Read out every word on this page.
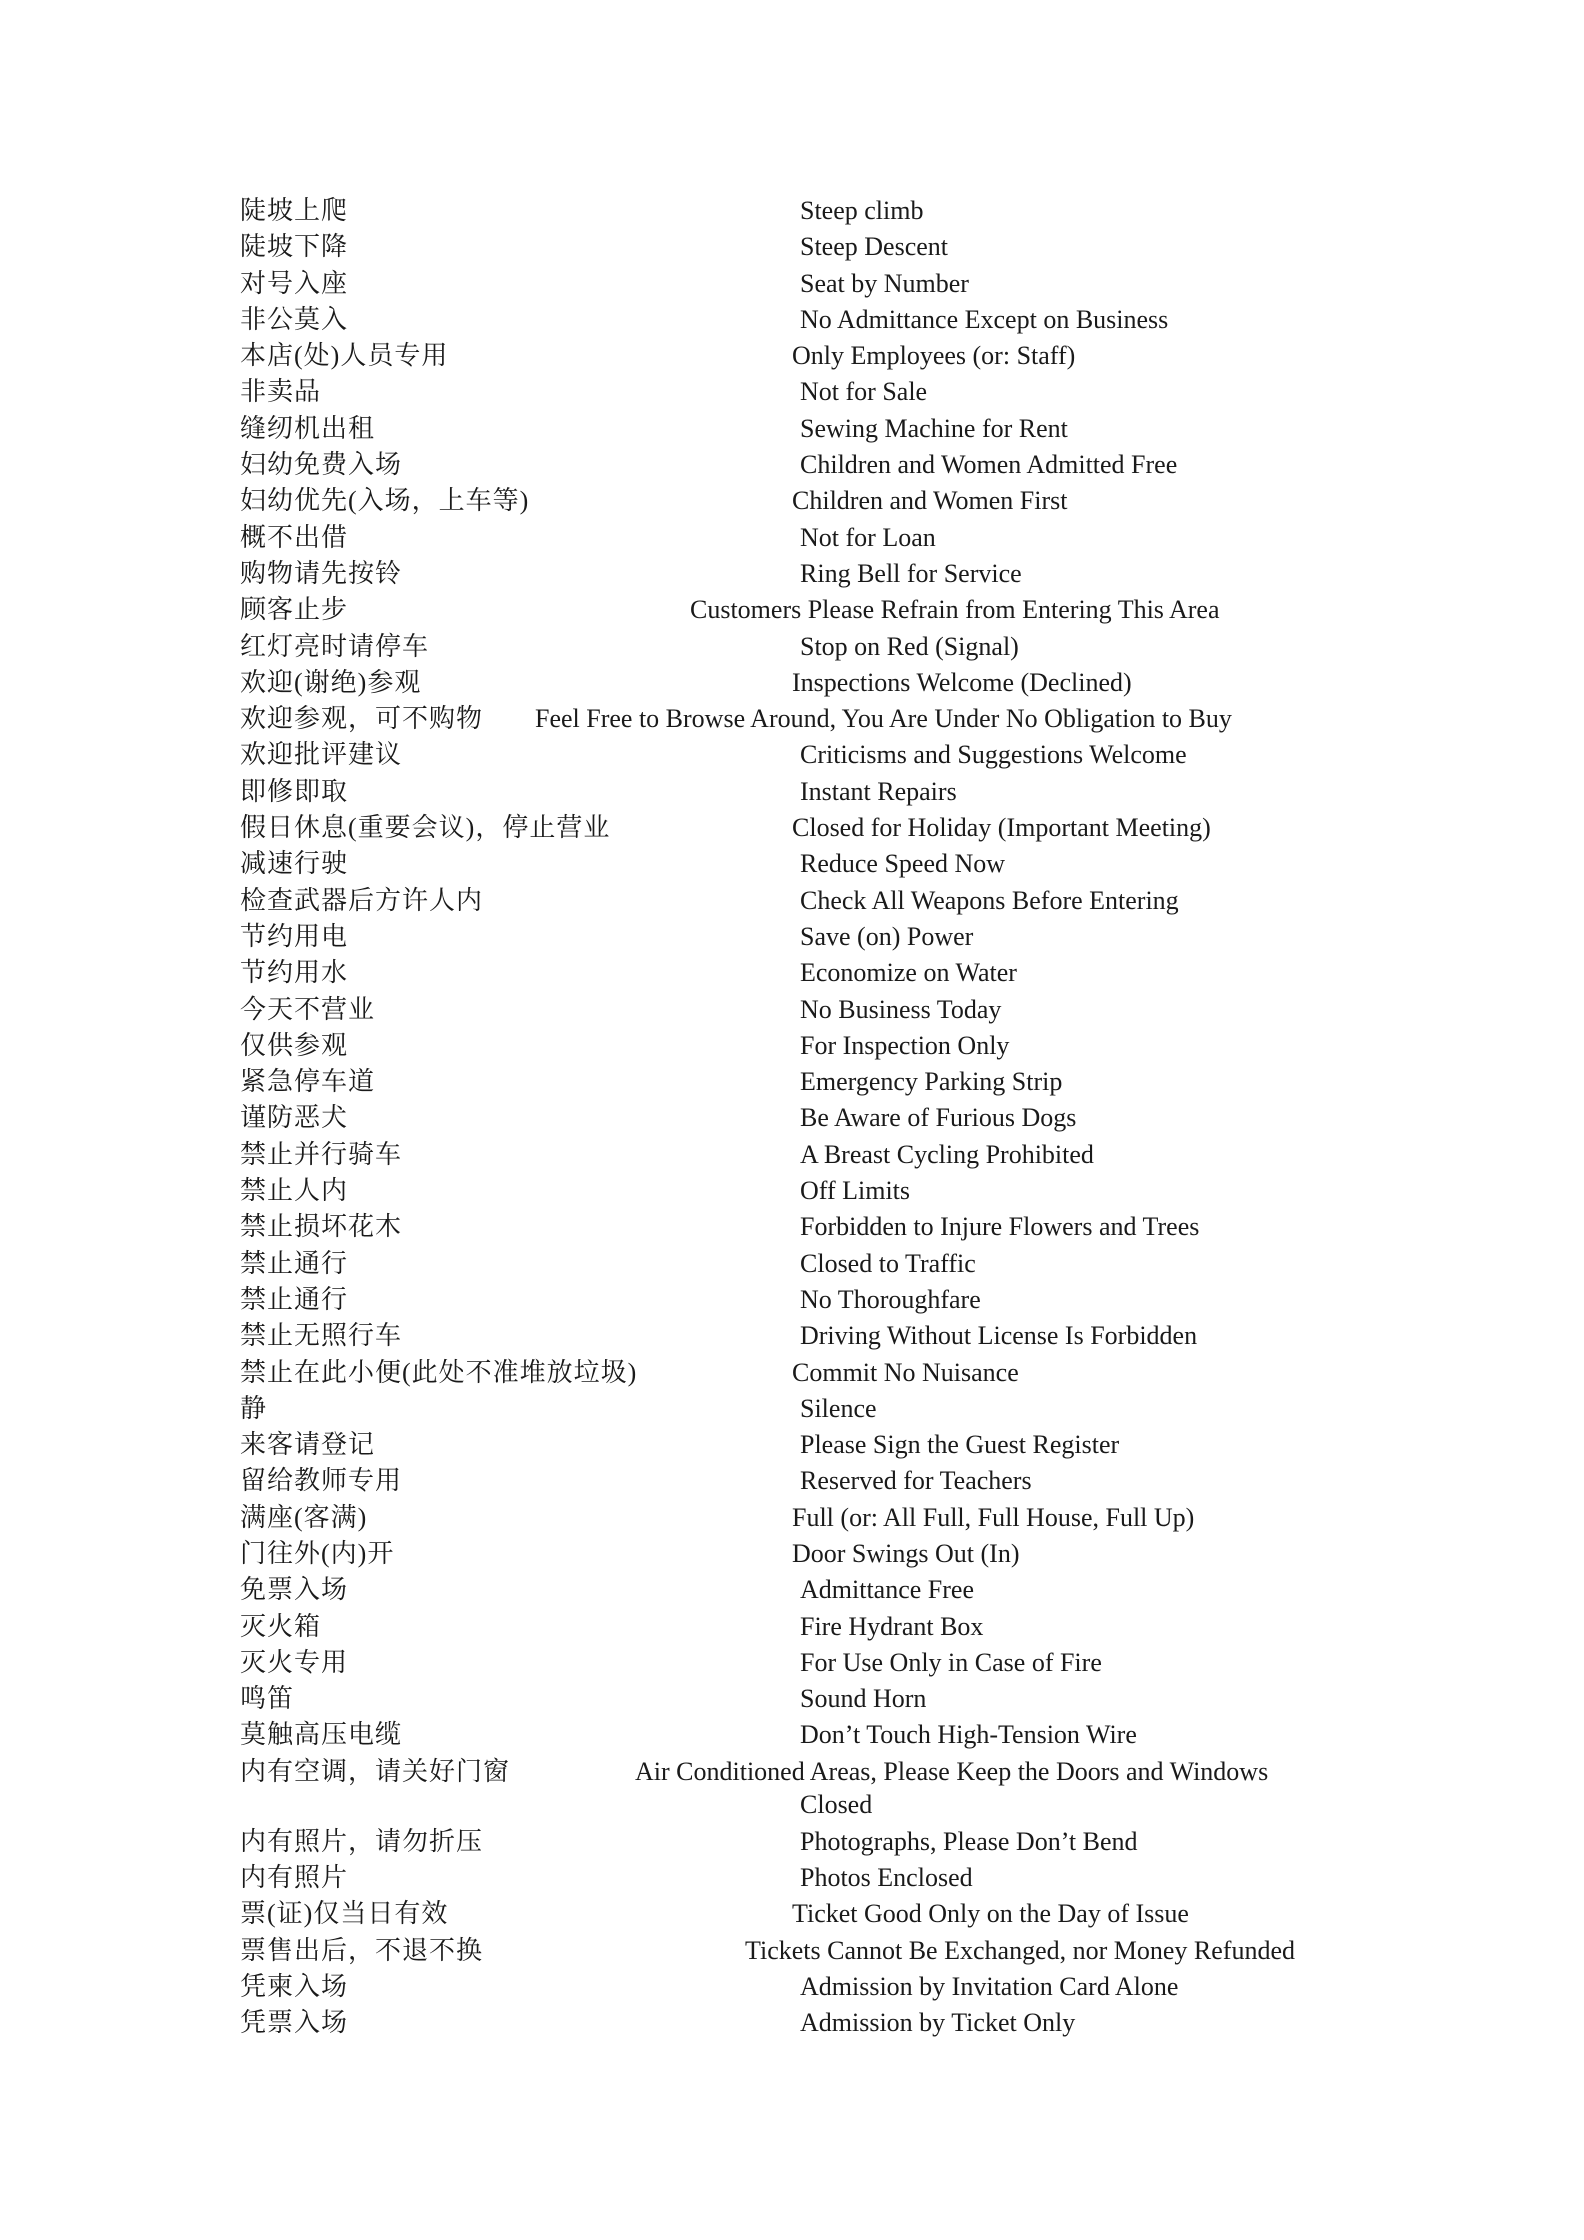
陡坡上爬	Steep climb
陡坡下降	Steep Descent
对号入座	Seat by Number
非公莫入	No Admittance Except on Business
本店(处)人员专用	Only Employees (or: Staff)
非卖品	Not for Sale
缝纫机出租	Sewing Machine for Rent
妇幼免费入场	Children and Women Admitted Free
妇幼优先(入场，上车等)	Children and Women First
概不出借	Not for Loan
购物请先按铃	Ring Bell for Service
顾客止步	Customers Please Refrain from Entering This Area
红灯亮时请停车	Stop on Red (Signal)
欢迎(谢绝)参观	Inspections Welcome (Declined)
欢迎参观，可不购物 Feel Free to Browse Around, You Are Under No Obligation to Buy
欢迎批评建议	Criticisms and Suggestions Welcome
即修即取	Instant Repairs
假日休息(重要会议)，停止营业	Closed for Holiday (Important Meeting)
减速行驶	Reduce Speed Now
检查武器后方许人内	Check All Weapons Before Entering
节约用电	Save (on) Power
节约用水	Economize on Water
今天不营业	No Business Today
仅供参观	For Inspection Only
紧急停车道	Emergency Parking Strip
谨防恶犬	Be Aware of Furious Dogs
禁止并行骑车	A Breast Cycling Prohibited
禁止人内	Off Limits
禁止损坏花木	Forbidden to Injure Flowers and Trees
禁止通行	Closed to Traffic
禁止通行	No Thoroughfare
禁止无照行车	Driving Without License Is Forbidden
禁止在此小便(此处不准堆放垃圾)	Commit No Nuisance
静	Silence
来客请登记	Please Sign the Guest Register
留给教师专用	Reserved for Teachers
满座(客满)	Full (or: All Full, Full House, Full Up)
门往外(内)开	Door Swings Out (In)
免票入场	Admittance Free
灭火箱	Fire Hydrant Box
灭火专用	For Use Only in Case of Fire
鸣笛	Sound Horn
莫触高压电缆	Don’t Touch High-Tension Wire
内有空调，请关好门窗	Air Conditioned Areas, Please Keep the Doors and Windows
Closed
内有照片，请勿折压	Photographs, Please Don’t Bend
内有照片	Photos Enclosed
票(证)仅当日有效	Ticket Good Only on the Day of Issue
票售出后，不退不换	Tickets Cannot Be Exchanged, nor Money Refunded
凭柬入场	Admission by Invitation Card Alone
凭票入场	Admission by Ticket Only
